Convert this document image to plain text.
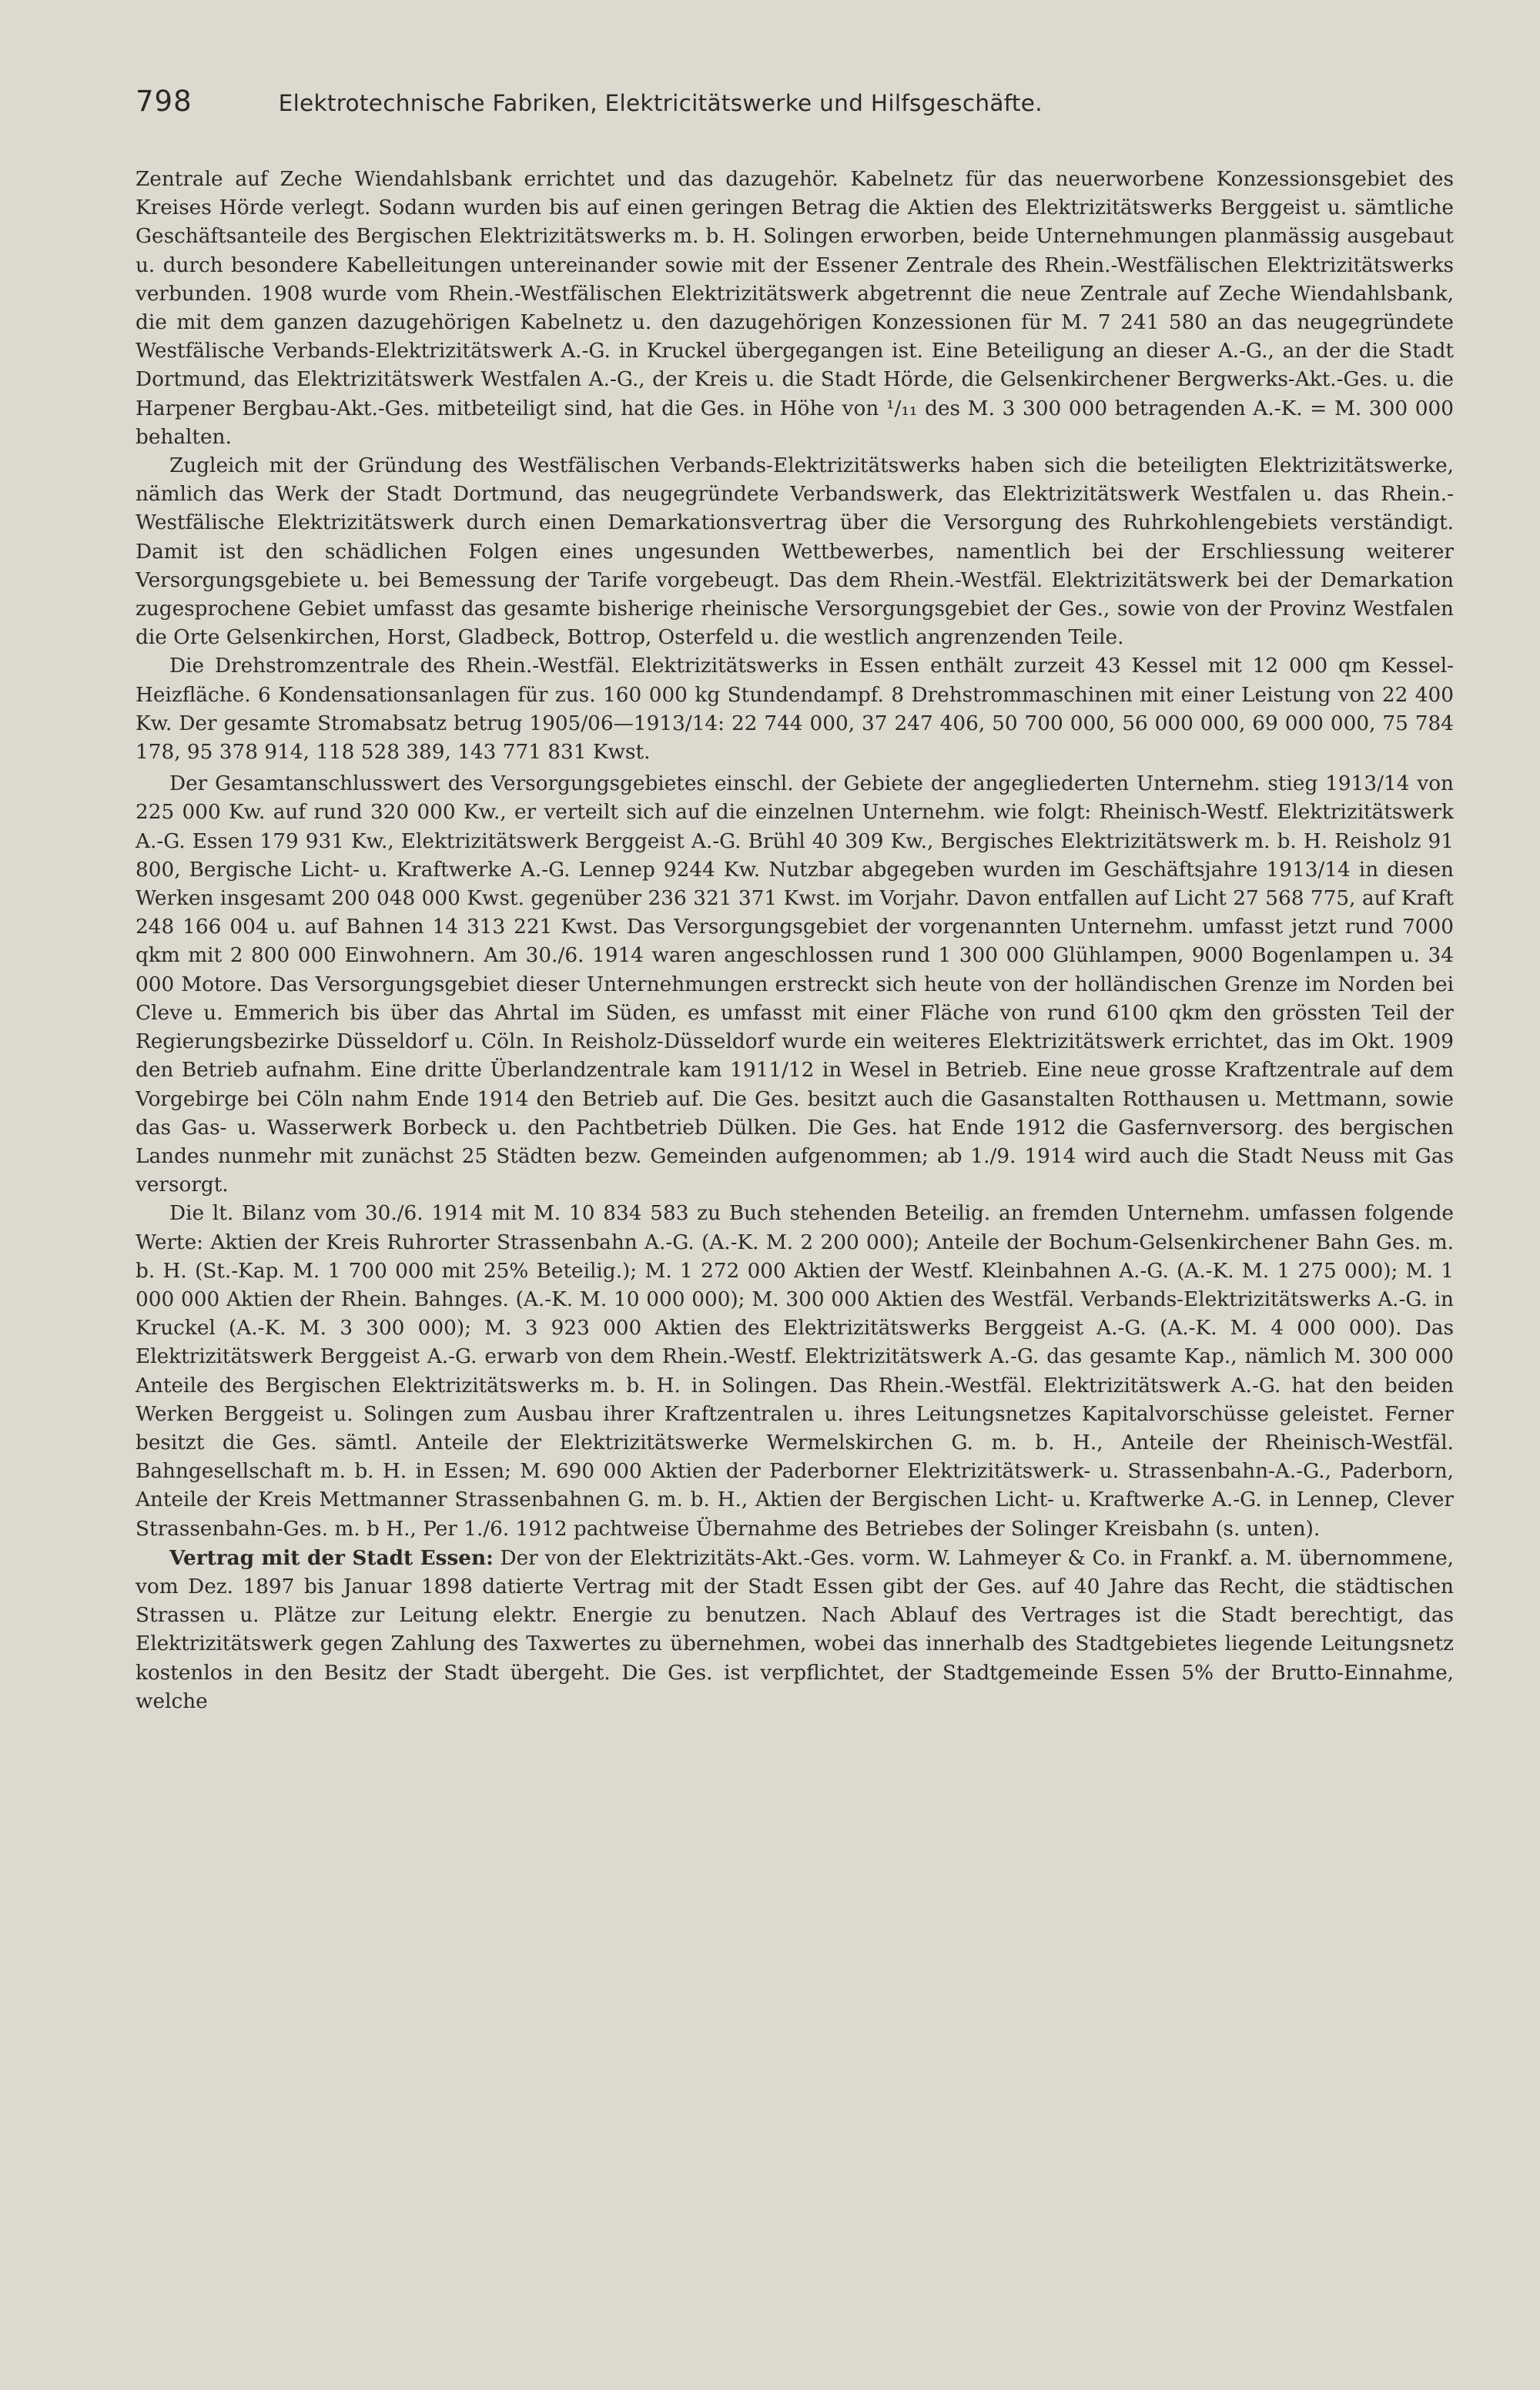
798	Elektrotechnische Fabriken, Elektricitätswerke und Hilfsgeschäfte.

Zentrale auf Zeche Wiendahlsbank errichtet und das dazugehör. Kabelnetz für das neuerworbene Konzessionsgebiet des Kreises Hörde verlegt. Sodann wurden bis auf einen geringen Betrag die Aktien des Elektrizitätswerks Berggeist u. sämtliche Geschäftsanteile des Bergischen Elektrizitätswerks m. b. H. Solingen erworben, beide Unternehmungen planmässig ausgebaut u. durch besondere Kabelleitungen untereinander sowie mit der Essener Zentrale des Rhein.-Westfälischen Elektrizitätswerks verbunden. 1908 wurde vom Rhein.-Westfälischen Elektrizitätswerk abgetrennt die neue Zentrale auf Zeche Wiendahlsbank, die mit dem ganzen dazugehörigen Kabelnetz u. den dazugehörigen Konzessionen für M. 7 241 580 an das neugegründete Westfälische Verbands-Elektrizitätswerk A.-G. in Kruckel übergegangen ist. Eine Beteiligung an dieser A.-G., an der die Stadt Dortmund, das Elektrizitätswerk Westfalen A.-G., der Kreis u. die Stadt Hörde, die Gelsenkirchener Bergwerks-Akt.-Ges. u. die Harpener Bergbau-Akt.-Ges. mitbeteiligt sind, hat die Ges. in Höhe von ¹/₁₁ des M. 3 300 000 betragenden A.-K. = M. 300 000 behalten.

Zugleich mit der Gründung des Westfälischen Verbands-Elektrizitätswerks haben sich die beteiligten Elektrizitätswerke, nämlich das Werk der Stadt Dortmund, das neugegründete Verbandswerk, das Elektrizitätswerk Westfalen u. das Rhein.-Westfälische Elektrizitätswerk durch einen Demarkationsvertrag über die Versorgung des Ruhrkohlengebiets verständigt. Damit ist den schädlichen Folgen eines ungesunden Wettbewerbes, namentlich bei der Erschliessung weiterer Versorgungsgebiete u. bei Bemessung der Tarife vorgebeugt. Das dem Rhein.-Westfäl. Elektrizitätswerk bei der Demarkation zugesprochene Gebiet umfasst das gesamte bisherige rheinische Versorgungsgebiet der Ges., sowie von der Provinz Westfalen die Orte Gelsenkirchen, Horst, Gladbeck, Bottrop, Osterfeld u. die westlich angrenzenden Teile.

Die Drehstromzentrale des Rhein.-Westfäl. Elektrizitätswerks in Essen enthält zurzeit 43 Kessel mit 12 000 qm Kessel-Heizfläche. 6 Kondensationsanlagen für zus. 160 000 kg Stundendampf. 8 Drehstrommaschinen mit einer Leistung von 22 400 Kw. Der gesamte Stromabsatz betrug 1905/06—1913/14: 22 744 000, 37 247 406, 50 700 000, 56 000 000, 69 000 000, 75 784 178, 95 378 914, 118 528 389, 143 771 831 Kwst.

Der Gesamtanschlusswert des Versorgungsgebietes einschl. der Gebiete der angegliederten Unternehm. stieg 1913/14 von 225 000 Kw. auf rund 320 000 Kw., er verteilt sich auf die einzelnen Unternehm. wie folgt: Rheinisch-Westf. Elektrizitätswerk A.-G. Essen 179 931 Kw., Elektrizitätswerk Berggeist A.-G. Brühl 40 309 Kw., Bergisches Elektrizitätswerk m. b. H. Reisholz 91 800, Bergische Licht- u. Kraftwerke A.-G. Lennep 9244 Kw. Nutzbar abgegeben wurden im Geschäftsjahre 1913/14 in diesen Werken insgesamt 200 048 000 Kwst. gegenüber 236 321 371 Kwst. im Vorjahr. Davon entfallen auf Licht 27 568 775, auf Kraft 248 166 004 u. auf Bahnen 14 313 221 Kwst. Das Versorgungsgebiet der vorgenannten Unternehm. umfasst jetzt rund 7000 qkm mit 2 800 000 Einwohnern. Am 30./6. 1914 waren angeschlossen rund 1 300 000 Glühlampen, 9000 Bogenlampen u. 34 000 Motore. Das Versorgungsgebiet dieser Unternehmungen erstreckt sich heute von der holländischen Grenze im Norden bei Cleve u. Emmerich bis über das Ahrtal im Süden, es umfasst mit einer Fläche von rund 6100 qkm den grössten Teil der Regierungsbezirke Düsseldorf u. Cöln. In Reisholz-Düsseldorf wurde ein weiteres Elektrizitätswerk errichtet, das im Okt. 1909 den Betrieb aufnahm. Eine dritte Überlandzentrale kam 1911/12 in Wesel in Betrieb. Eine neue grosse Kraftzentrale auf dem Vorgebirge bei Cöln nahm Ende 1914 den Betrieb auf. Die Ges. besitzt auch die Gasanstalten Rotthausen u. Mettmann, sowie das Gas- u. Wasserwerk Borbeck u. den Pachtbetrieb Dülken. Die Ges. hat Ende 1912 die Gasfernversorg. des bergischen Landes nunmehr mit zunächst 25 Städten bezw. Gemeinden aufgenommen; ab 1./9. 1914 wird auch die Stadt Neuss mit Gas versorgt.

Die lt. Bilanz vom 30./6. 1914 mit M. 10 834 583 zu Buch stehenden Beteilig. an fremden Unternehm. umfassen folgende Werte: Aktien der Kreis Ruhrorter Strassenbahn A.-G. (A.-K. M. 2 200 000); Anteile der Bochum-Gelsenkirchener Bahn Ges. m. b. H. (St.-Kap. M. 1 700 000 mit 25% Beteilig.); M. 1 272 000 Aktien der Westf. Kleinbahnen A.-G. (A.-K. M. 1 275 000); M. 1 000 000 Aktien der Rhein. Bahnges. (A.-K. M. 10 000 000); M. 300 000 Aktien des Westfäl. Verbands-Elektrizitätswerks A.-G. in Kruckel (A.-K. M. 3 300 000); M. 3 923 000 Aktien des Elektrizitätswerks Berggeist A.-G. (A.-K. M. 4 000 000). Das Elektrizitätswerk Berggeist A.-G. erwarb von dem Rhein.-Westf. Elektrizitätswerk A.-G. das gesamte Kap., nämlich M. 300 000 Anteile des Bergischen Elektrizitätswerks m. b. H. in Solingen. Das Rhein.-Westfäl. Elektrizitätswerk A.-G. hat den beiden Werken Berggeist u. Solingen zum Ausbau ihrer Kraftzentralen u. ihres Leitungsnetzes Kapitalvorschüsse geleistet. Ferner besitzt die Ges. sämtl. Anteile der Elektrizitätswerke Wermelskirchen G. m. b. H., Anteile der Rheinisch-Westfäl. Bahngesellschaft m. b. H. in Essen; M. 690 000 Aktien der Paderborner Elektrizitätswerk- u. Strassenbahn-A.-G., Paderborn, Anteile der Kreis Mettmanner Strassenbahnen G. m. b. H., Aktien der Bergischen Licht- u. Kraftwerke A.-G. in Lennep, Clever Strassenbahn-Ges. m. b H., Per 1./6. 1912 pachtweise Übernahme des Betriebes der Solinger Kreisbahn (s. unten).

Vertrag mit der Stadt Essen: Der von der Elektrizitäts-Akt.-Ges. vorm. W. Lahmeyer & Co. in Frankf. a. M. übernommene, vom Dez. 1897 bis Januar 1898 datierte Vertrag mit der Stadt Essen gibt der Ges. auf 40 Jahre das Recht, die städtischen Strassen u. Plätze zur Leitung elektr. Energie zu benutzen. Nach Ablauf des Vertrages ist die Stadt berechtigt, das Elektrizitätswerk gegen Zahlung des Taxwertes zu übernehmen, wobei das innerhalb des Stadtgebietes liegende Leitungsnetz kostenlos in den Besitz der Stadt übergeht. Die Ges. ist verpflichtet, der Stadtgemeinde Essen 5% der Brutto-Einnahme, welche
